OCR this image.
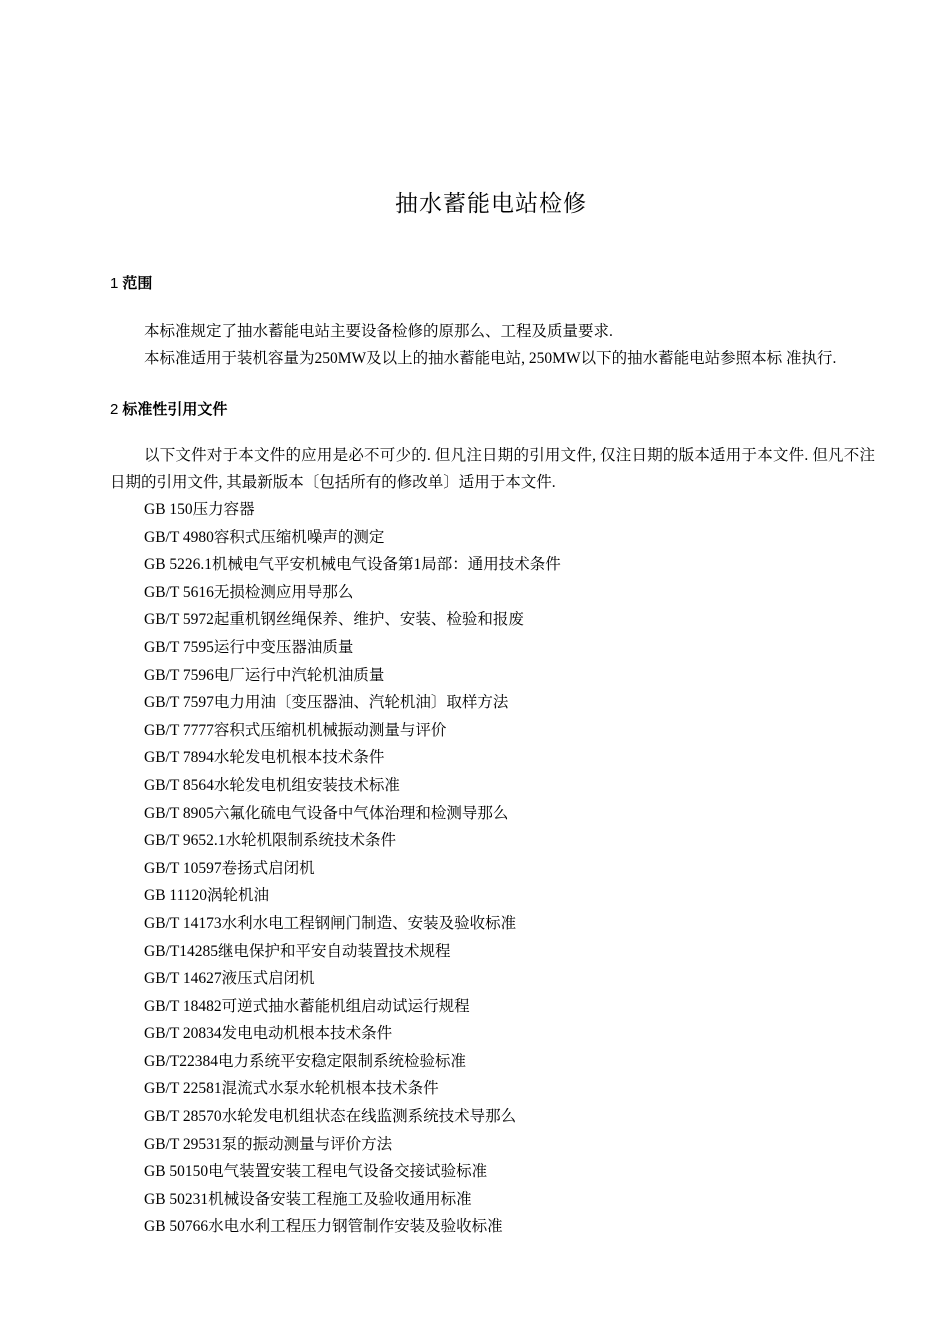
抽水蓄能电站检修
1 范围

本标准规定了抽水蓄能电站主要设备检修的原那么、工程及质量要求.

本标准适用于装机容量为250MW及以上的抽水蓄能电站, 250MW以下的抽水蓄能电站参照本标 准执行.

2 标准性引用文件

以下文件对于本文件的应用是必不可少的. 但凡注日期的引用文件, 仅注日期的版本适用于本文件. 但凡不注日期的引用文件, 其最新版本〔包括所有的修改单〕适用于本文件.

GB 150压力容器
GB/T 4980容积式压缩机噪声的测定
GB 5226.1机械电气平安机械电气设备第1局部：通用技术条件
GB/T 5616无损检测应用导那么
GB/T 5972起重机钢丝绳保养、维护、安装、检验和报废
GB/T 7595运行中变压器油质量
GB/T 7596电厂运行中汽轮机油质量
GB/T 7597电力用油〔变压器油、汽轮机油〕取样方法
GB/T 7777容积式压缩机机械振动测量与评价
GB/T 7894水轮发电机根本技术条件
GB/T 8564水轮发电机组安装技术标准
GB/T 8905六氟化硫电气设备中气体治理和检测导那么
GB/T 9652.1水轮机限制系统技术条件
GB/T 10597卷扬式启闭机
GB 11120涡轮机油
GB/T 14173水利水电工程钢闸门制造、安装及验收标准
GB/T14285继电保护和平安自动装置技术规程
GB/T 14627液压式启闭机
GB/T 18482可逆式抽水蓄能机组启动试运行规程
GB/T 20834发电电动机根本技术条件
GB/T22384电力系统平安稳定限制系统检验标准
GB/T 22581混流式水泵水轮机根本技术条件
GB/T 28570水轮发电机组状态在线监测系统技术导那么
GB/T 29531泵的振动测量与评价方法
GB 50150电气装置安装工程电气设备交接试验标准
GB 50231机械设备安装工程施工及验收通用标准
GB 50766水电水利工程压力钢管制作安装及验收标准
